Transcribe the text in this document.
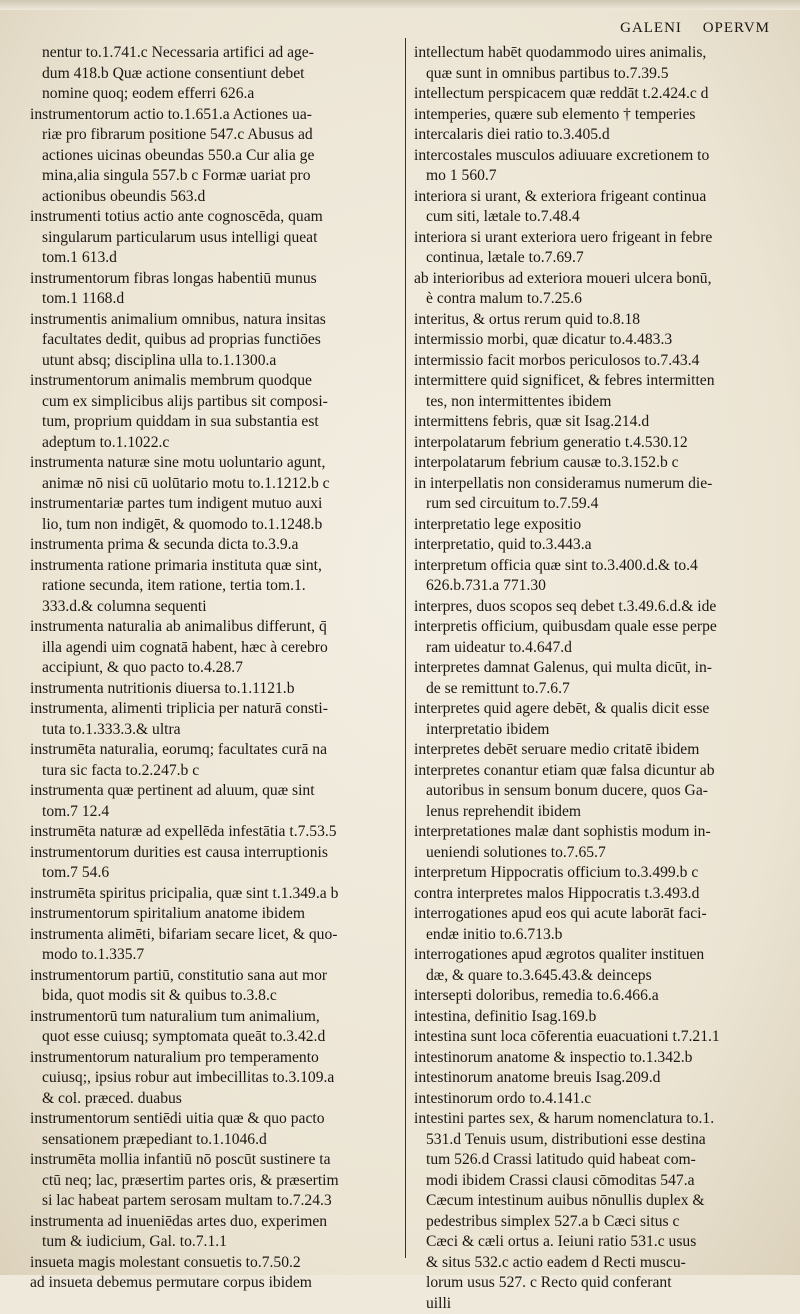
GALENI OPERVM
nentur to.1.741.c Necessaria artifici ad age-
dum 418.b Quæ actione consentiunt debet
nomine quoq; eodem efferri 626.a
instrumentorum actio to.1.651.a Actiones ua-
riæ pro fibrarum positione 547.c Abusus ad
actiones uicinas obeundas 550.a Cur alia ge
mina,alia singula 557.b c Formæ uariat pro
actionibus obeundis 563.d
instrumenti totius actio ante cognoscēda, quam
singularum particularum usus intelligi queat
tom.1 613.d
instrumentorum fibras longas habentiū munus
tom.1 1168.d
instrumentis animalium omnibus, natura insitas
facultates dedit, quibus ad proprias functiōes
utunt absq; disciplina ulla to.1.1300.a
instrumentorum animalis membrum quodque
cum ex simplicibus alijs partibus sit composi-
tum, proprium quiddam in sua substantia est
adeptum to.1.1022.c
instrumenta naturæ sine motu uoluntario agunt,
animæ nō nisi cū uolūtario motu to.1.1212.b c
instrumentariæ partes tum indigent mutuo auxi
lio, tum non indigēt, & quomodo to.1.1248.b
instrumenta prima & secunda dicta to.3.9.a
instrumenta ratione primaria instituta quæ sint,
ratione secunda, item ratione, tertia tom.1.
333.d.& columna sequenti
instrumenta naturalia ab animalibus differunt, q̄
illa agendi uim cognatā habent, hæc à cerebro
accipiunt, & quo pacto to.4.28.7
instrumenta nutritionis diuersa to.1.1121.b
instrumenta, alimenti triplicia per naturā consti-
tuta to.1.333.3.& ultra
instrumēta naturalia, eorumq; facultates curā na
tura sic facta to.2.247.b c
instrumenta quæ pertinent ad aluum, quæ sint
tom.7 12.4
instrumēta naturæ ad expellēda infestātia t.7.53.5
instrumentorum durities est causa interruptionis
tom.7 54.6
instrumēta spiritus pricipalia, quæ sint t.1.349.a b
instrumentorum spiritalium anatome ibidem
instrumenta alimēti, bifariam secare licet, & quo-
modo to.1.335.7
instrumentorum partiū, constitutio sana aut mor
bida, quot modis sit & quibus to.3.8.c
instrumentorū tum naturalium tum animalium,
quot esse cuiusq; symptomata queāt to.3.42.d
instrumentorum naturalium pro temperamento
cuiusq;, ipsius robur aut imbecillitas to.3.109.a
& col. præced. duabus
instrumentorum sentiēdi uitia quæ & quo pacto
sensationem præpediant to.1.1046.d
instrumēta mollia infantiū nō poscūt sustinere ta
ctū neq; lac, præsertim partes oris, & præsertim
si lac habeat partem serosam multam to.7.24.3
instrumenta ad inueniēdas artes duo, experimen
tum & iudicium, Gal. to.7.1.1
insueta magis molestant consuetis to.7.50.2
ad insueta debemus permutare corpus ibidem
intellectum habēt quodammodo uires animalis,
quæ sunt in omnibus partibus to.7.39.5
intellectum perspicacem quæ reddāt t.2.424.c d
intemperies, quære sub elemento † temperies
intercalaris diei ratio to.3.405.d
intercostales musculos adiuuare excretionem to
mo 1 560.7
interiora si urant, & exteriora frigeant continua
cum siti, lætale to.7.48.4
interiora si urant exteriora uero frigeant in febre
continua, lætale to.7.69.7
ab interioribus ad exteriora moueri ulcera bonū,
è contra malum to.7.25.6
interitus, & ortus rerum quid to.8.18
intermissio morbi, quæ dicatur to.4.483.3
intermissio facit morbos periculosos to.7.43.4
intermittere quid significet, & febres intermitten
tes, non intermittentes ibidem
intermittens febris, quæ sit Isag.214.d
interpolatarum febrium generatio t.4.530.12
interpolatarum febrium causæ to.3.152.b c
in interpellatis non consideramus numerum die-
rum sed circuitum to.7.59.4
interpretatio lege expositio
interpretatio, quid to.3.443.a
interpretum officia quæ sint to.3.400.d.& to.4
626.b.731.a 771.30
interpres, duos scopos seq debet t.3.49.6.d.& ide
interpretis officium, quibusdam quale esse perpe
ram uideatur to.4.647.d
interpretes damnat Galenus, qui multa dicūt, in-
de se remittunt to.7.6.7
interpretes quid agere debēt, & qualis dicit esse
interpretatio ibidem
interpretes debēt seruare medio critatē ibidem
interpretes conantur etiam quæ falsa dicuntur ab
autoribus in sensum bonum ducere, quos Ga-
lenus reprehendit ibidem
interpretationes malæ dant sophistis modum in-
ueniendi solutiones to.7.65.7
interpretum Hippocratis officium to.3.499.b c
contra interpretes malos Hippocratis t.3.493.d
interrogationes apud eos qui acute laborāt faci-
endæ initio to.6.713.b
interrogationes apud ægrotos qualiter instituen
dæ, & quare to.3.645.43.& deinceps
intersepti doloribus, remedia to.6.466.a
intestina, definitio Isag.169.b
intestina sunt loca cōferentia euacuationi t.7.21.1
intestinorum anatome & inspectio to.1.342.b
intestinorum anatome breuis Isag.209.d
intestinorum ordo to.4.141.c
intestini partes sex, & harum nomenclatura to.1.
531.d Tenuis usum, distributioni esse destina
tum 526.d Crassi latitudo quid habeat com-
modi ibidem Crassi clausi cōmoditas 547.a
Cæcum intestinum auibus nōnullis duplex &
pedestribus simplex 527.a b Cæci situs c
Cæci & cæli ortus a. Ieiuni ratio 531.c usus
& situs 532.c actio eadem d Recti muscu-
lorum usus 527. c Recto quid conferant
uilli
